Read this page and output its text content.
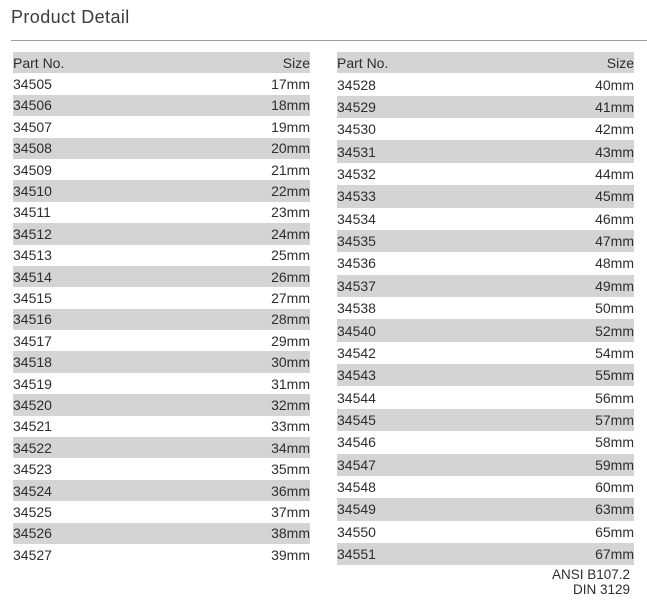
Product Detail
Part No.	Size
34505	17mm
34506	18mm
34507	19mm
34508	20mm
34509	21mm
34510	22mm
34511	23mm
34512	24mm
34513	25mm
34514	26mm
34515	27mm
34516	28mm
34517	29mm
34518	30mm
34519	31mm
34520	32mm
34521	33mm
34522	34mm
34523	35mm
34524	36mm
34525	37mm
34526	38mm
34527	39mm
Part No.	Size
34528	40mm
34529	41mm
34530	42mm
34531	43mm
34532	44mm
34533	45mm
34534	46mm
34535	47mm
34536	48mm
34537	49mm
34538	50mm
34540	52mm
34542	54mm
34543	55mm
34544	56mm
34545	57mm
34546	58mm
34547	59mm
34548	60mm
34549	63mm
34550	65mm
34551	67mm
ANSI B107.2
DIN 3129
